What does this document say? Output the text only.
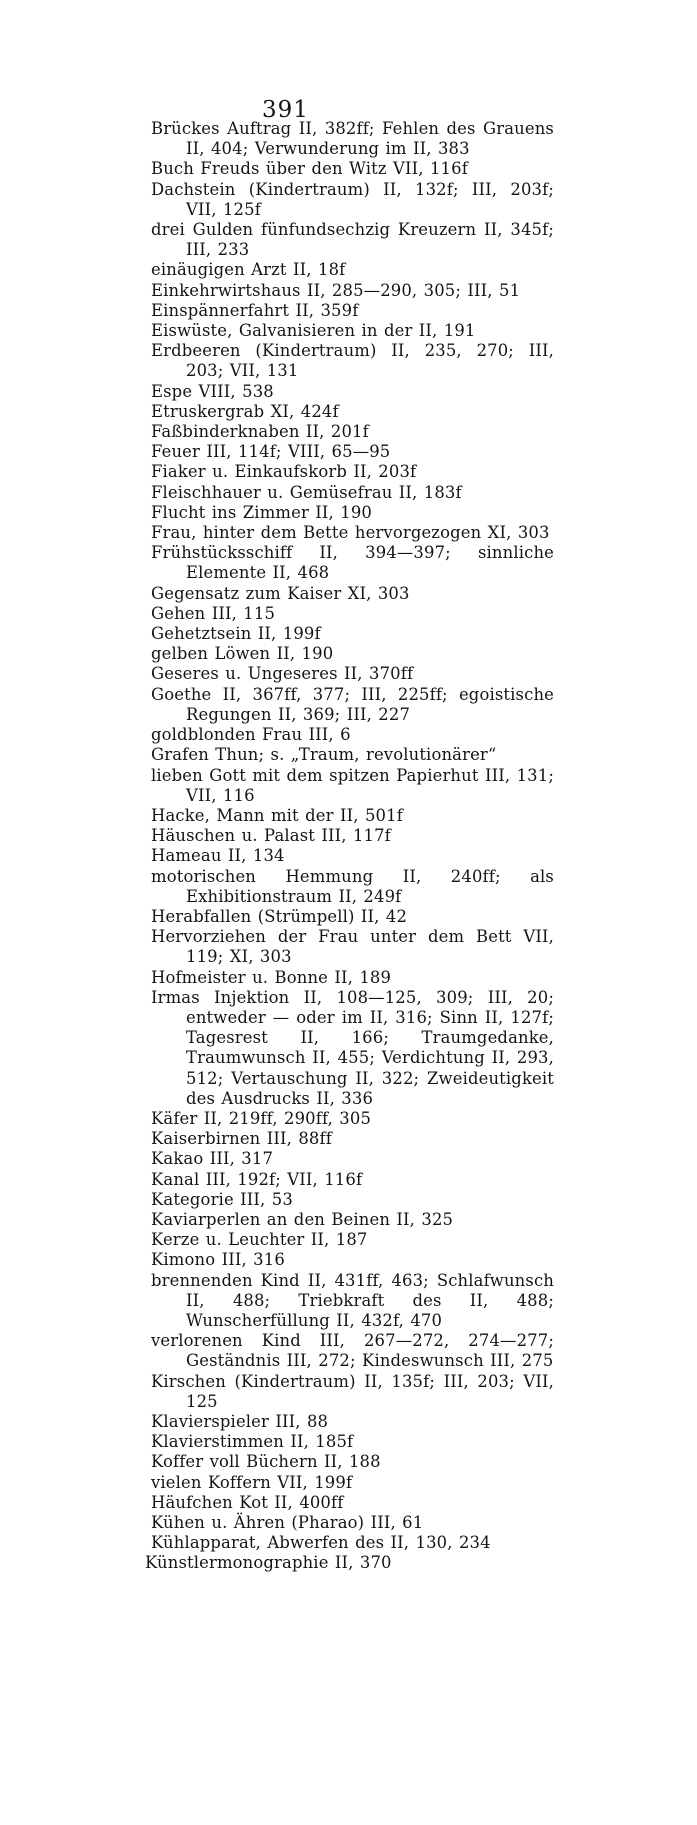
391
Brückes Auftrag II, 382ff; Fehlen des Grauens II, 404; Verwunderung im II, 383
Buch Freuds über den Witz VII, 116f
Dachstein (Kindertraum) II, 132f; III, 203f; VII, 125f
drei Gulden fünfundsechzig Kreuzern II, 345f; III, 233
einäugigen Arzt II, 18f
Einkehrwirtshaus II, 285—290, 305; III, 51
Einspännerfahrt II, 359f
Eiswüste, Galvanisieren in der II, 191
Erdbeeren (Kindertraum) II, 235, 270; III, 203; VII, 131
Espe VIII, 538
Etruskergrab XI, 424f
Faßbinderknaben II, 201f
Feuer III, 114f; VIII, 65—95
Fiaker u. Einkaufskorb II, 203f
Fleischhauer u. Gemüsefrau II, 183f
Flucht ins Zimmer II, 190
Frau, hinter dem Bette hervorgezogen XI, 303
Frühstücksschiff II, 394—397; sinnliche Elemente II, 468
Gegensatz zum Kaiser XI, 303
Gehen III, 115
Gehetztsein II, 199f
gelben Löwen II, 190
Geseres u. Ungeseres II, 370ff
Goethe II, 367ff, 377; III, 225ff; egoistische Regungen II, 369; III, 227
goldblonden Frau III, 6
Grafen Thun; s. „Traum, revolutionärer“
lieben Gott mit dem spitzen Papierhut III, 131; VII, 116
Hacke, Mann mit der II, 501f
Häuschen u. Palast III, 117f
Hameau II, 134
motorischen Hemmung II, 240ff; als Exhibitionstraum II, 249f
Herabfallen (Strümpell) II, 42
Hervorziehen der Frau unter dem Bett VII, 119; XI, 303
Hofmeister u. Bonne II, 189
Irmas Injektion II, 108—125, 309; III, 20; entweder — oder im II, 316; Sinn II, 127f; Tagesrest II, 166; Traumgedanke, Traumwunsch II, 455; Verdichtung II, 293, 512; Vertauschung II, 322; Zweideutigkeit des Ausdrucks II, 336
Käfer II, 219ff, 290ff, 305
Kaiserbirnen III, 88ff
Kakao III, 317
Kanal III, 192f; VII, 116f
Kategorie III, 53
Kaviarperlen an den Beinen II, 325
Kerze u. Leuchter II, 187
Kimono III, 316
brennenden Kind II, 431ff, 463; Schlafwunsch II, 488; Triebkraft des II, 488; Wunscherfüllung II, 432f, 470
verlorenen Kind III, 267—272, 274—277; Geständnis III, 272; Kindeswunsch III, 275
Kirschen (Kindertraum) II, 135f; III, 203; VII, 125
Klavierspieler III, 88
Klavierstimmen II, 185f
Koffer voll Büchern II, 188
vielen Koffern VII, 199f
Häufchen Kot II, 400ff
Kühen u. Ähren (Pharao) III, 61
Kühlapparat, Abwerfen des II, 130, 234
Künstlermonographie II, 370
